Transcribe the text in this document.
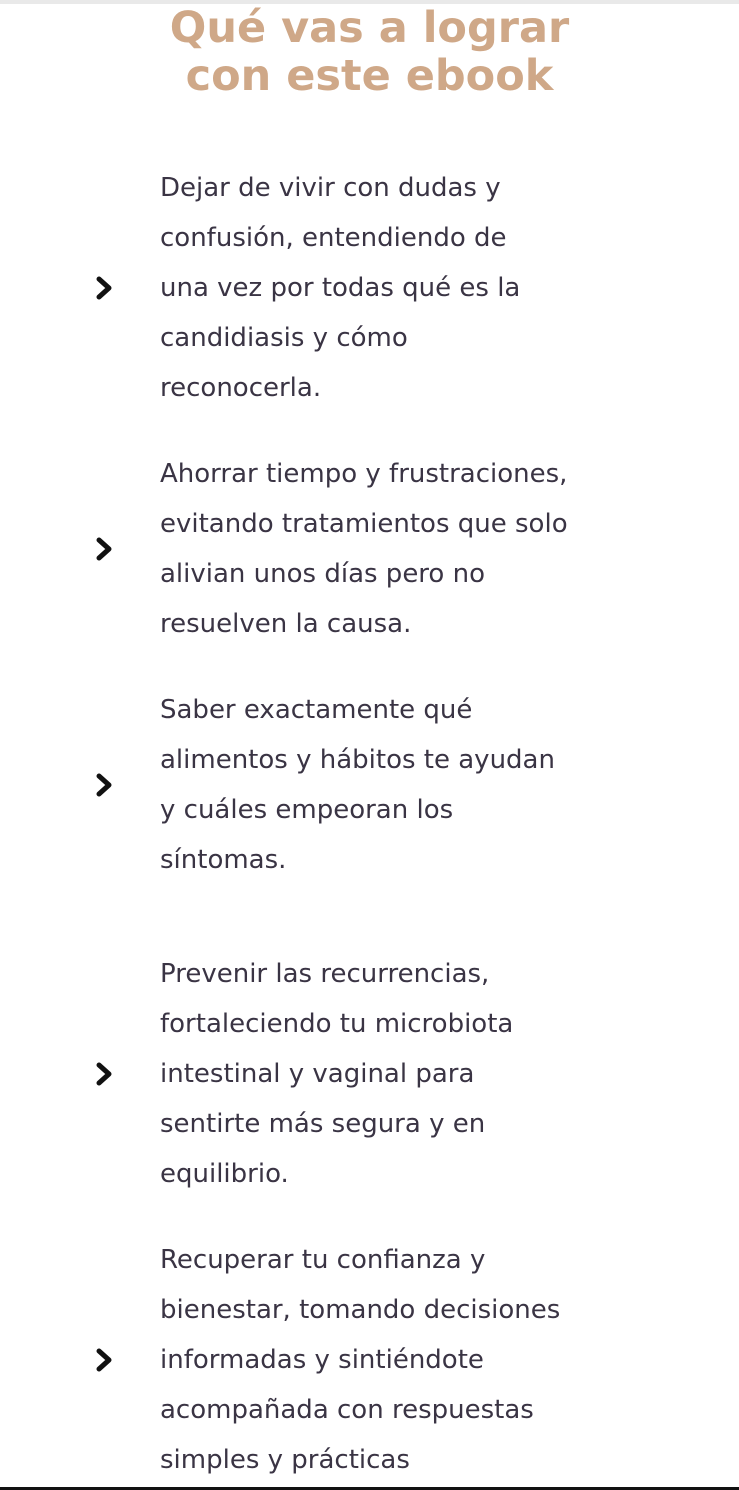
Qué vas a lograr
con este ebook
Dejar de vivir con dudas y
confusión, entendiendo de
una vez por todas qué es la
candidiasis y cómo
reconocerla.
Ahorrar tiempo y frustraciones,
evitando tratamientos que solo
alivian unos días pero no
resuelven la causa.
Saber exactamente qué
alimentos y hábitos te ayudan
y cuáles empeoran los
síntomas.
Prevenir las recurrencias,
fortaleciendo tu microbiota
intestinal y vaginal para
sentirte más segura y en
equilibrio.
Recuperar tu confianza y
bienestar, tomando decisiones
informadas y sintiéndote
acompañada con respuestas
simples y prácticas
